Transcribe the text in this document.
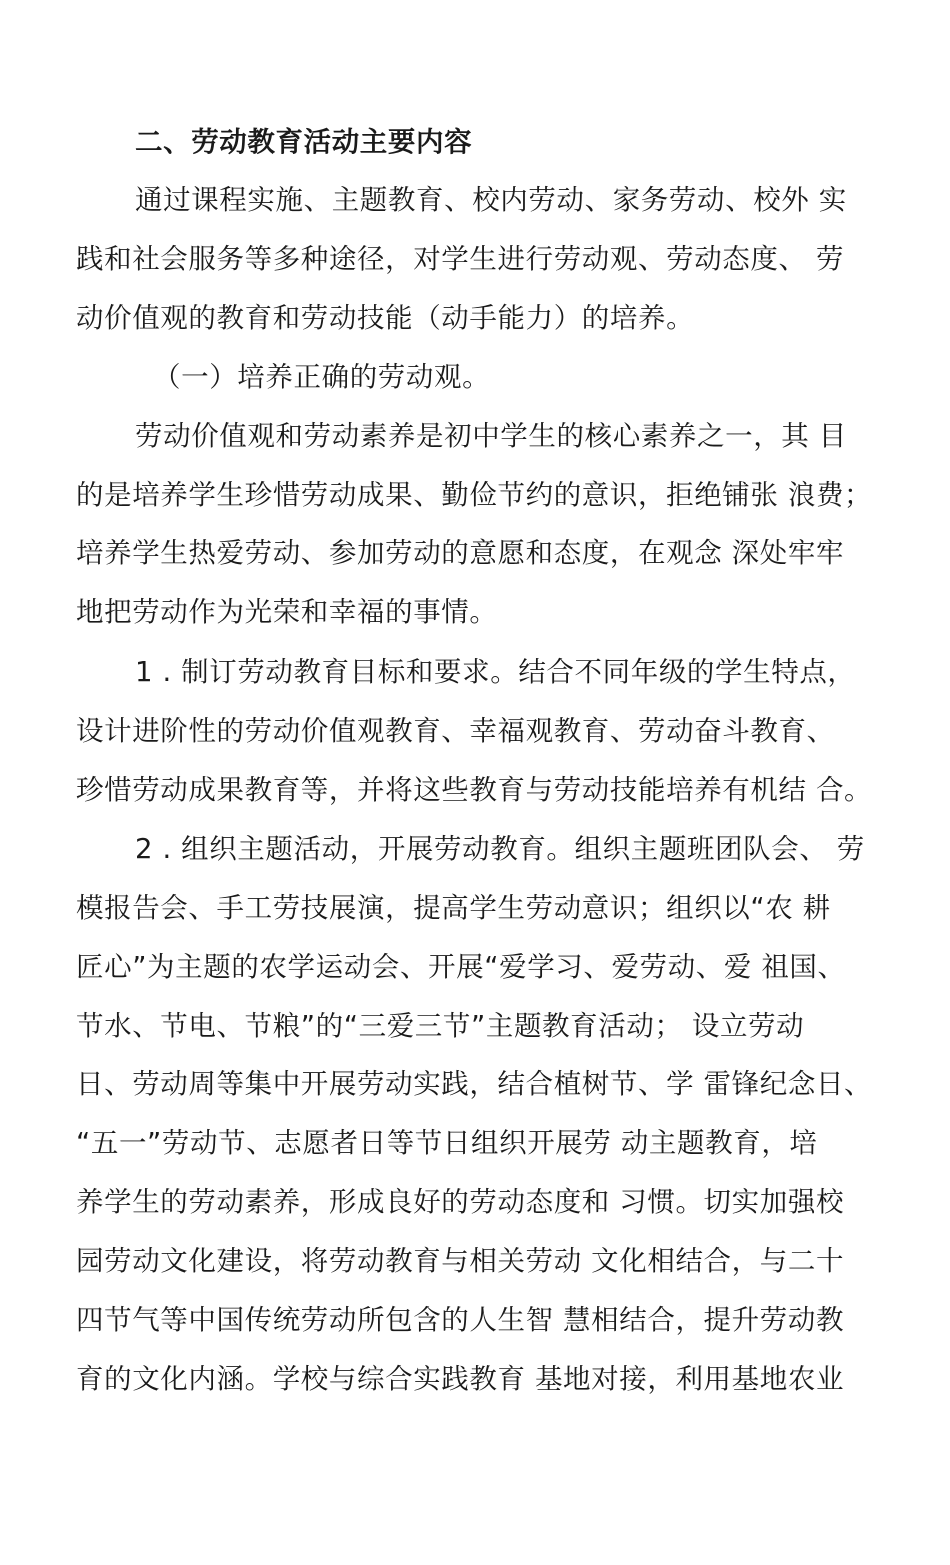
二、劳动教育活动主要内容
通过课程实施、主题教育、校内劳动、家务劳动、校外 实
践和社会服务等多种途径，对学生进行劳动观、劳动态度、 劳
动价值观的教育和劳动技能（动手能力）的培养。
（一）培养正确的劳动观。
劳动价值观和劳动素养是初中学生的核心素养之一，其 目
的是培养学生珍惜劳动成果、勤俭节约的意识，拒绝铺张 浪费；
培养学生热爱劳动、参加劳动的意愿和态度，在观念 深处牢牢
地把劳动作为光荣和幸福的事情。
1 . 制订劳动教育目标和要求。结合不同年级的学生特点，
设计进阶性的劳动价值观教育、幸福观教育、劳动奋斗教育、
珍惜劳动成果教育等，并将这些教育与劳动技能培养有机结 合。
2 . 组织主题活动，开展劳动教育。组织主题班团队会、 劳
模报告会、手工劳技展演，提高学生劳动意识；组织以“农 耕
匠心”为主题的农学运动会、开展“爱学习、爱劳动、爱 祖国、
节水、节电、节粮”的“三爱三节”主题教育活动； 设立劳动
日、劳动周等集中开展劳动实践，结合植树节、学 雷锋纪念日、
“五一”劳动节、志愿者日等节日组织开展劳 动主题教育，培
养学生的劳动素养，形成良好的劳动态度和 习惯。切实加强校
园劳动文化建设，将劳动教育与相关劳动 文化相结合，与二十
四节气等中国传统劳动所包含的人生智 慧相结合，提升劳动教
育的文化内涵。学校与综合实践教育 基地对接，利用基地农业
